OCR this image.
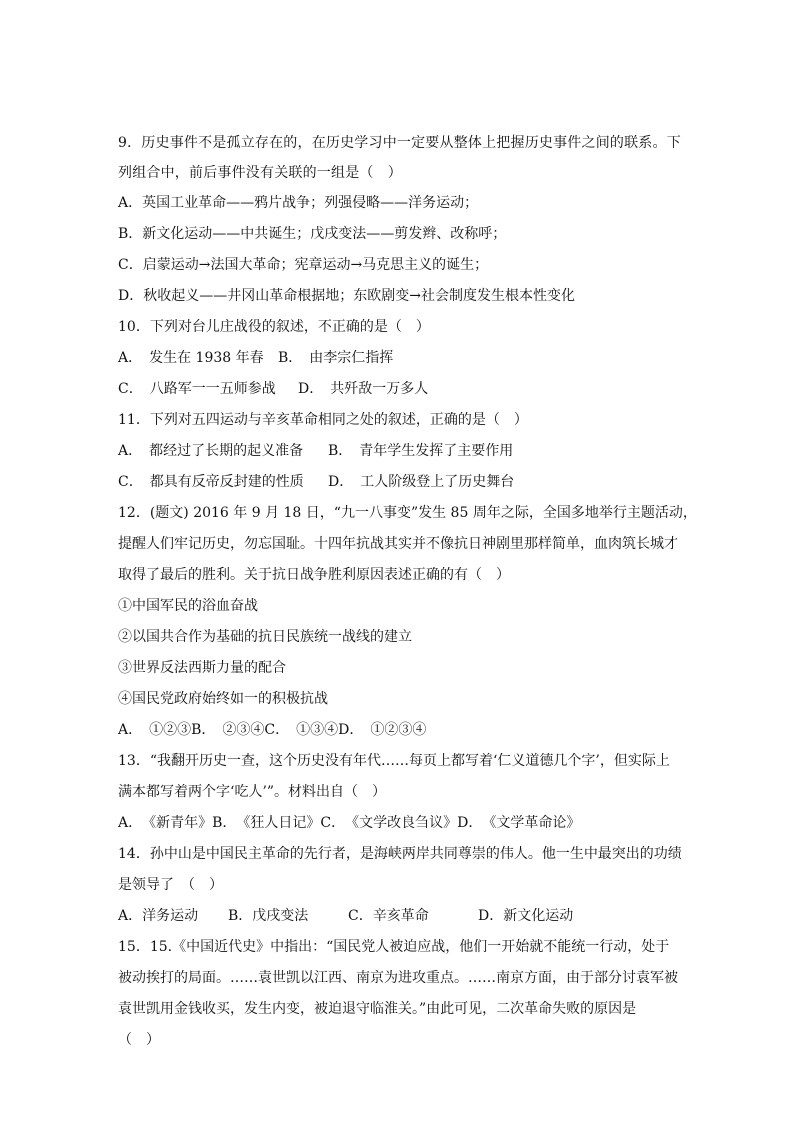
9．历史事件不是孤立存在的，在历史学习中一定要从整体上把握历史事件之间的联系。下
列组合中，前后事件没有关联的一组是（　）
A．英国工业革命——鸦片战争；列强侵略——洋务运动；
B．新文化运动——中共诞生；戊戌变法——剪发辫、改称呼；
C．启蒙运动→法国大革命；宪章运动→马克思主义的诞生；
D．秋收起义——井冈山革命根据地；东欧剧变→社会制度发生根本性变化
10．下列对台儿庄战役的叙述，不正确的是（　）
A．　发生在 1938 年春	B．　由李宗仁指挥
C．　八路军一一五师参战	D．　共歼敌一万多人
11．下列对五四运动与辛亥革命相同之处的叙述，正确的是（　）
A．　都经过了长期的起义准备	B．　青年学生发挥了主要作用
C．　都具有反帝反封建的性质	D．　工人阶级登上了历史舞台
12．(题文) 2016 年 9 月 18 日，“九一八事变”发生 85 周年之际，全国多地举行主题活动，
提醒人们牢记历史，勿忘国耻。十四年抗战其实并不像抗日神剧里那样简单，血肉筑长城才
取得了最后的胜利。关于抗日战争胜利原因表述正确的有（　）
①中国军民的浴血奋战
②以国共合作为基础的抗日民族统一战线的建立
③世界反法西斯力量的配合
④国民党政府始终如一的积极抗战
A．　①②③B．　②③④C．　①③④D．　①②③④
13．“我翻开历史一查，这个历史没有年代……每页上都写着‘仁义道德几个字’，但实际上
满本都写着两个字‘吃人’”。材料出自（　）
A．　《新青年》B．　《狂人日记》C．　《文学改良刍议》D．　《文学革命论》
14．孙中山是中国民主革命的先行者，是海峡两岸共同尊崇的伟人。他一生中最突出的功绩
是领导了　（　）
A．洋务运动	B．戊戌变法	C．辛亥革命	D．新文化运动
15．15.《中国近代史》中指出：“国民党人被迫应战，他们一开始就不能统一行动，处于
被动挨打的局面。……袁世凯以江西、南京为进攻重点。……南京方面，由于部分讨袁军被
袁世凯用金钱收买，发生内变，被迫退守临淮关。”由此可见，二次革命失败的原因是
（　）
